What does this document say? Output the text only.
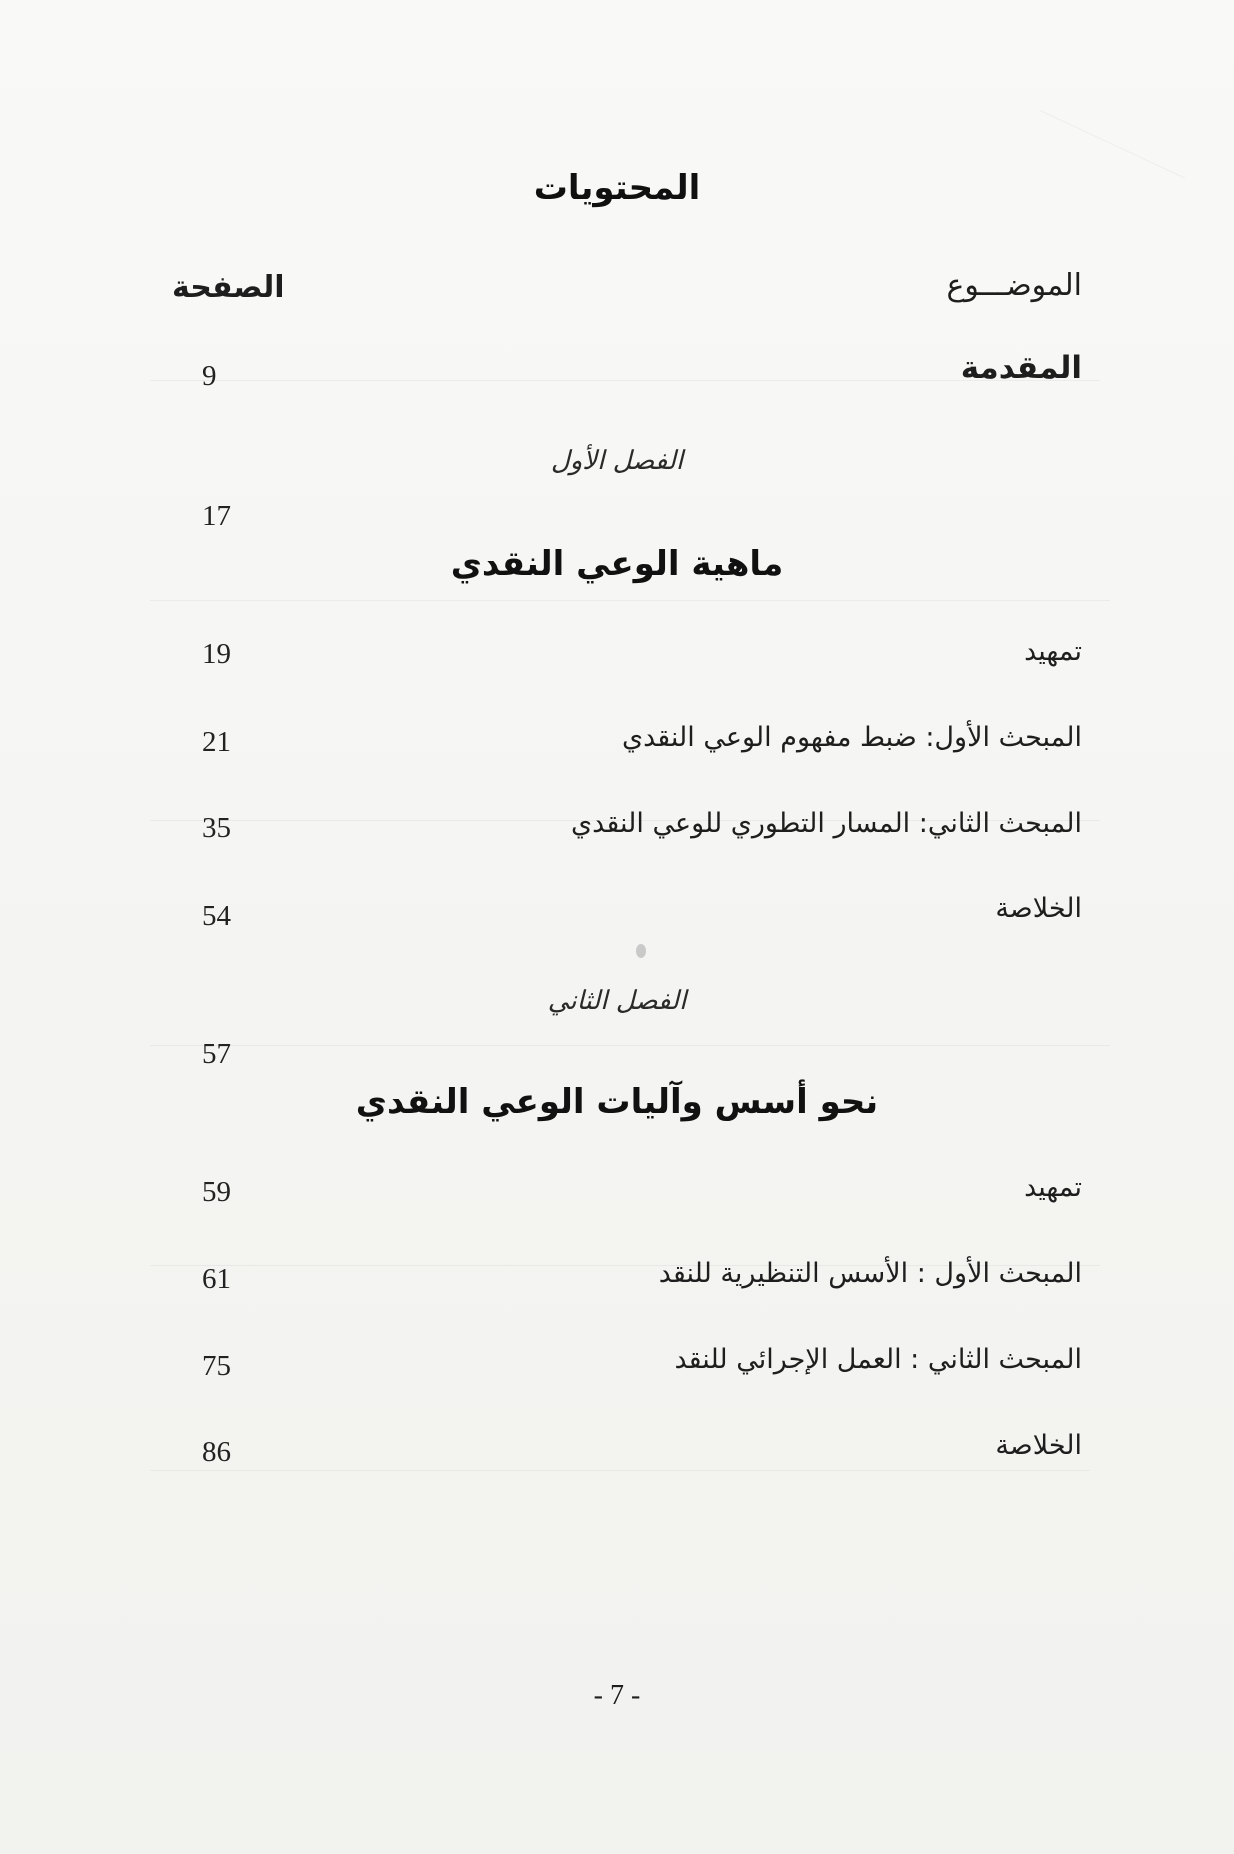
المحتويات
الموضـــوع
الصفحة
المقدمة
9
الفصل الأول
17
ماهية الوعي النقدي
تمهيد
19
المبحث الأول: ضبط مفهوم الوعي النقدي
21
المبحث الثاني: المسار التطوري للوعي النقدي
35
الخلاصة
54
الفصل الثاني
57
نحو أسس وآليات الوعي النقدي
تمهيد
59
المبحث الأول : الأسس التنظيرية للنقد
61
المبحث الثاني : العمل الإجرائي للنقد
75
الخلاصة
86
- 7 -
